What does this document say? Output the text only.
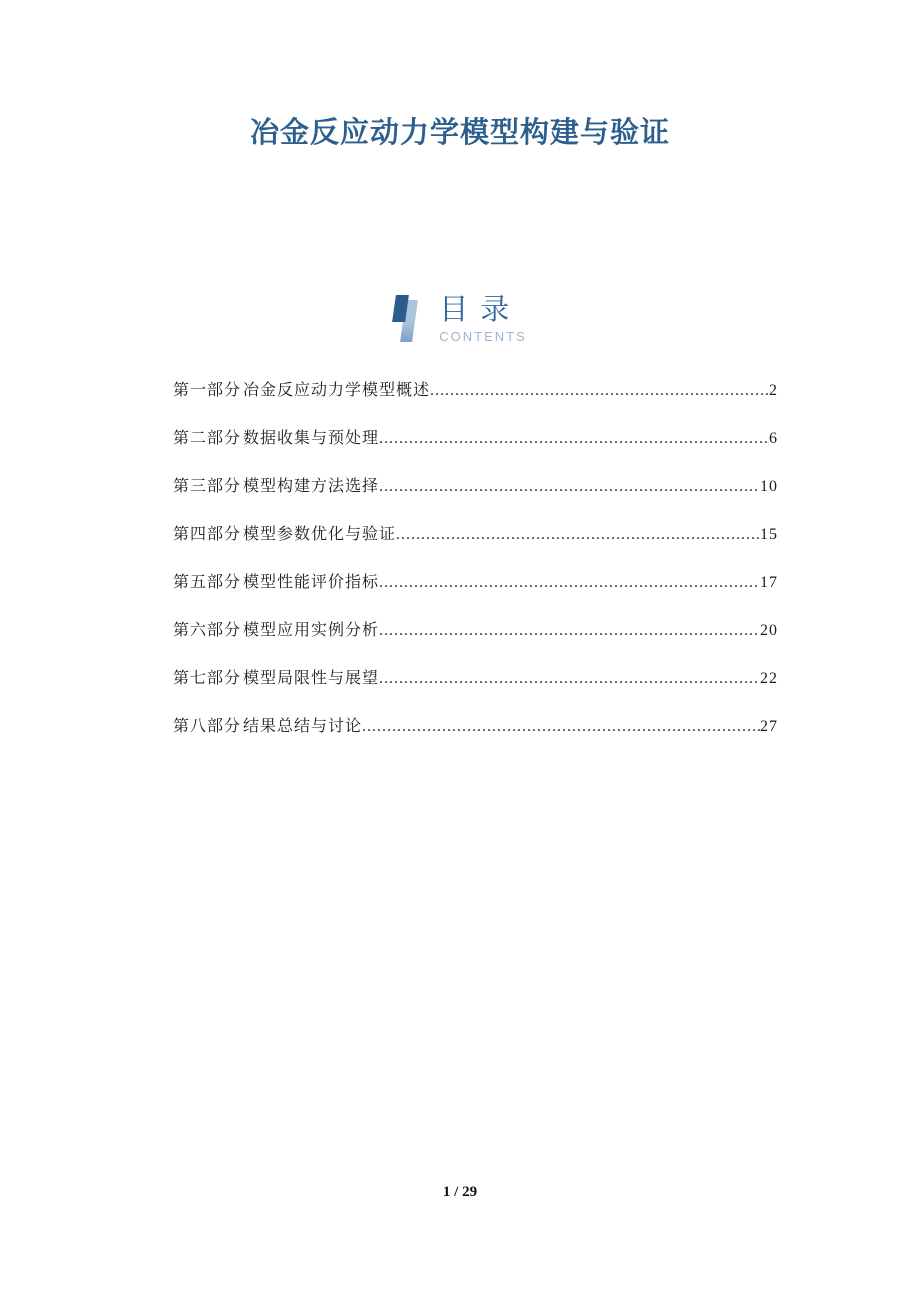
冶金反应动力学模型构建与验证
目 录
CONTENTS
第一部分 冶金反应动力学模型概述 .....	2
第二部分 数据收集与预处理 .....	6
第三部分 模型构建方法选择 .....	10
第四部分 模型参数优化与验证 .....	15
第五部分 模型性能评价指标 .....	17
第六部分 模型应用实例分析 .....	20
第七部分 模型局限性与展望 .....	22
第八部分 结果总结与讨论 .....	27
1 / 29
